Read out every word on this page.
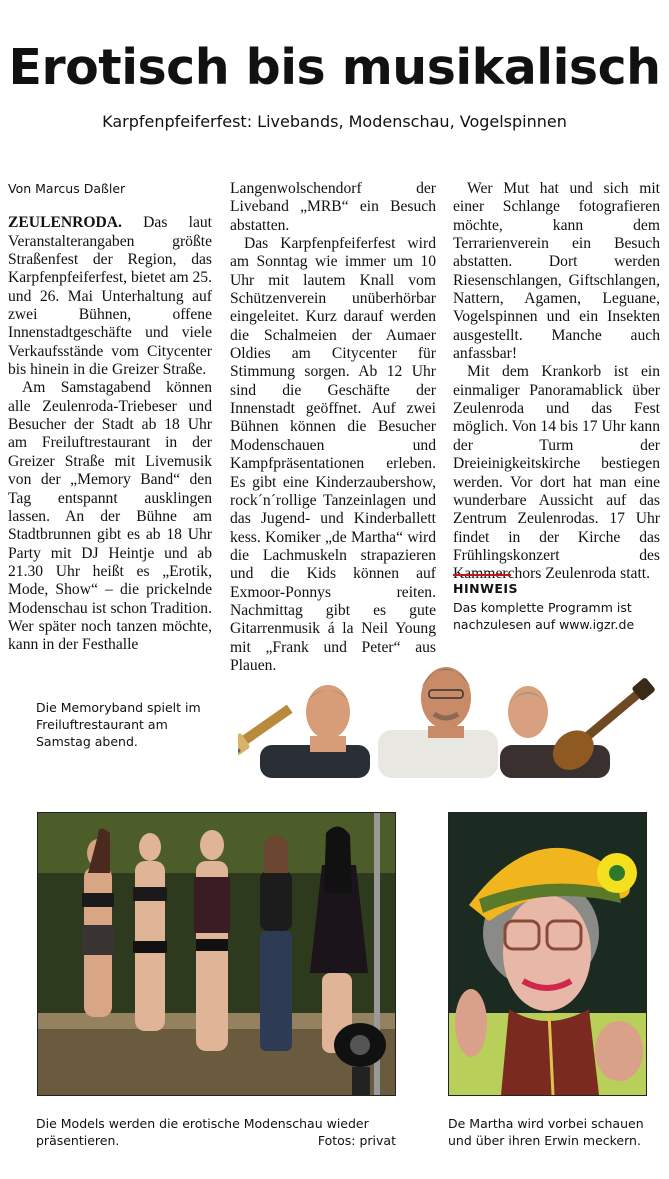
Erotisch bis musikalisch
Karpfenpfeiferfest: Livebands, Modenschau, Vogelspinnen

Von Marcus Daßler

ZEULENRODA. Das laut Veranstalterangaben größte Straßenfest der Region, das Karpfenpfeiferfest, bietet am 25. und 26. Mai Unterhaltung auf zwei Bühnen, offene Innenstadtgeschäfte und viele Verkaufsstände vom Citycenter bis hinein in die Greizer Straße.

Am Samstagabend können alle Zeulenroda-Triebeser und Besucher der Stadt ab 18 Uhr am Freiluftrestaurant in der Greizer Straße mit Livemusik von der „Memory Band“ den Tag entspannt ausklingen lassen. An der Bühne am Stadtbrunnen gibt es ab 18 Uhr Party mit DJ Heintje und ab 21.30 Uhr heißt es „Erotik, Mode, Show“ – die prickelnde Modenschau ist schon Tradition. Wer später noch tanzen möchte, kann in der Festhalle

Langenwolschendorf der Liveband „MRB“ ein Besuch abstatten.

Das Karpfenpfeiferfest wird am Sonntag wie immer um 10 Uhr mit lautem Knall vom Schützenverein unüberhörbar eingeleitet. Kurz darauf werden die Schalmeien der Aumaer Oldies am Citycenter für Stimmung sorgen. Ab 12 Uhr sind die Geschäfte der Innenstadt geöffnet. Auf zwei Bühnen können die Besucher Modenschauen und Kampfpräsentationen erleben. Es gibt eine Kinderzaubershow, rock´n´rollige Tanzeinlagen und das Jugend- und Kinderballett kess. Komiker „de Martha“ wird die Lachmuskeln strapazieren und die Kids können auf Exmoor-Ponnys reiten. Nachmittag gibt es gute Gitarrenmusik á la Neil Young mit „Frank und Peter“ aus Plauen.

Wer Mut hat und sich mit einer Schlange fotografieren möchte, kann dem Terrarienverein ein Besuch abstatten. Dort werden Riesenschlangen, Giftschlangen, Nattern, Agamen, Leguane, Vogelspinnen und ein Insekten ausgestellt. Manche auch anfassbar!

Mit dem Krankorb ist ein einmaliger Panoramablick über Zeulenroda und das Fest möglich. Von 14 bis 17 Uhr kann der Turm der Dreieinigkeitskirche bestiegen werden. Vor dort hat man eine wunderbare Aussicht auf das Zentrum Zeulenrodas. 17 Uhr findet in der Kirche das Frühlingskonzert des Kammerchors Zeulenroda statt.

HINWEIS
Das komplette Programm ist nachzulesen auf www.igzr.de
Die Memoryband spielt im Freiluftrestaurant am Samstag abend.
Die Models werden die erotische Modenschau wieder präsentieren.	Fotos: privat
De Martha wird vorbei schauen und über ihren Erwin meckern.
